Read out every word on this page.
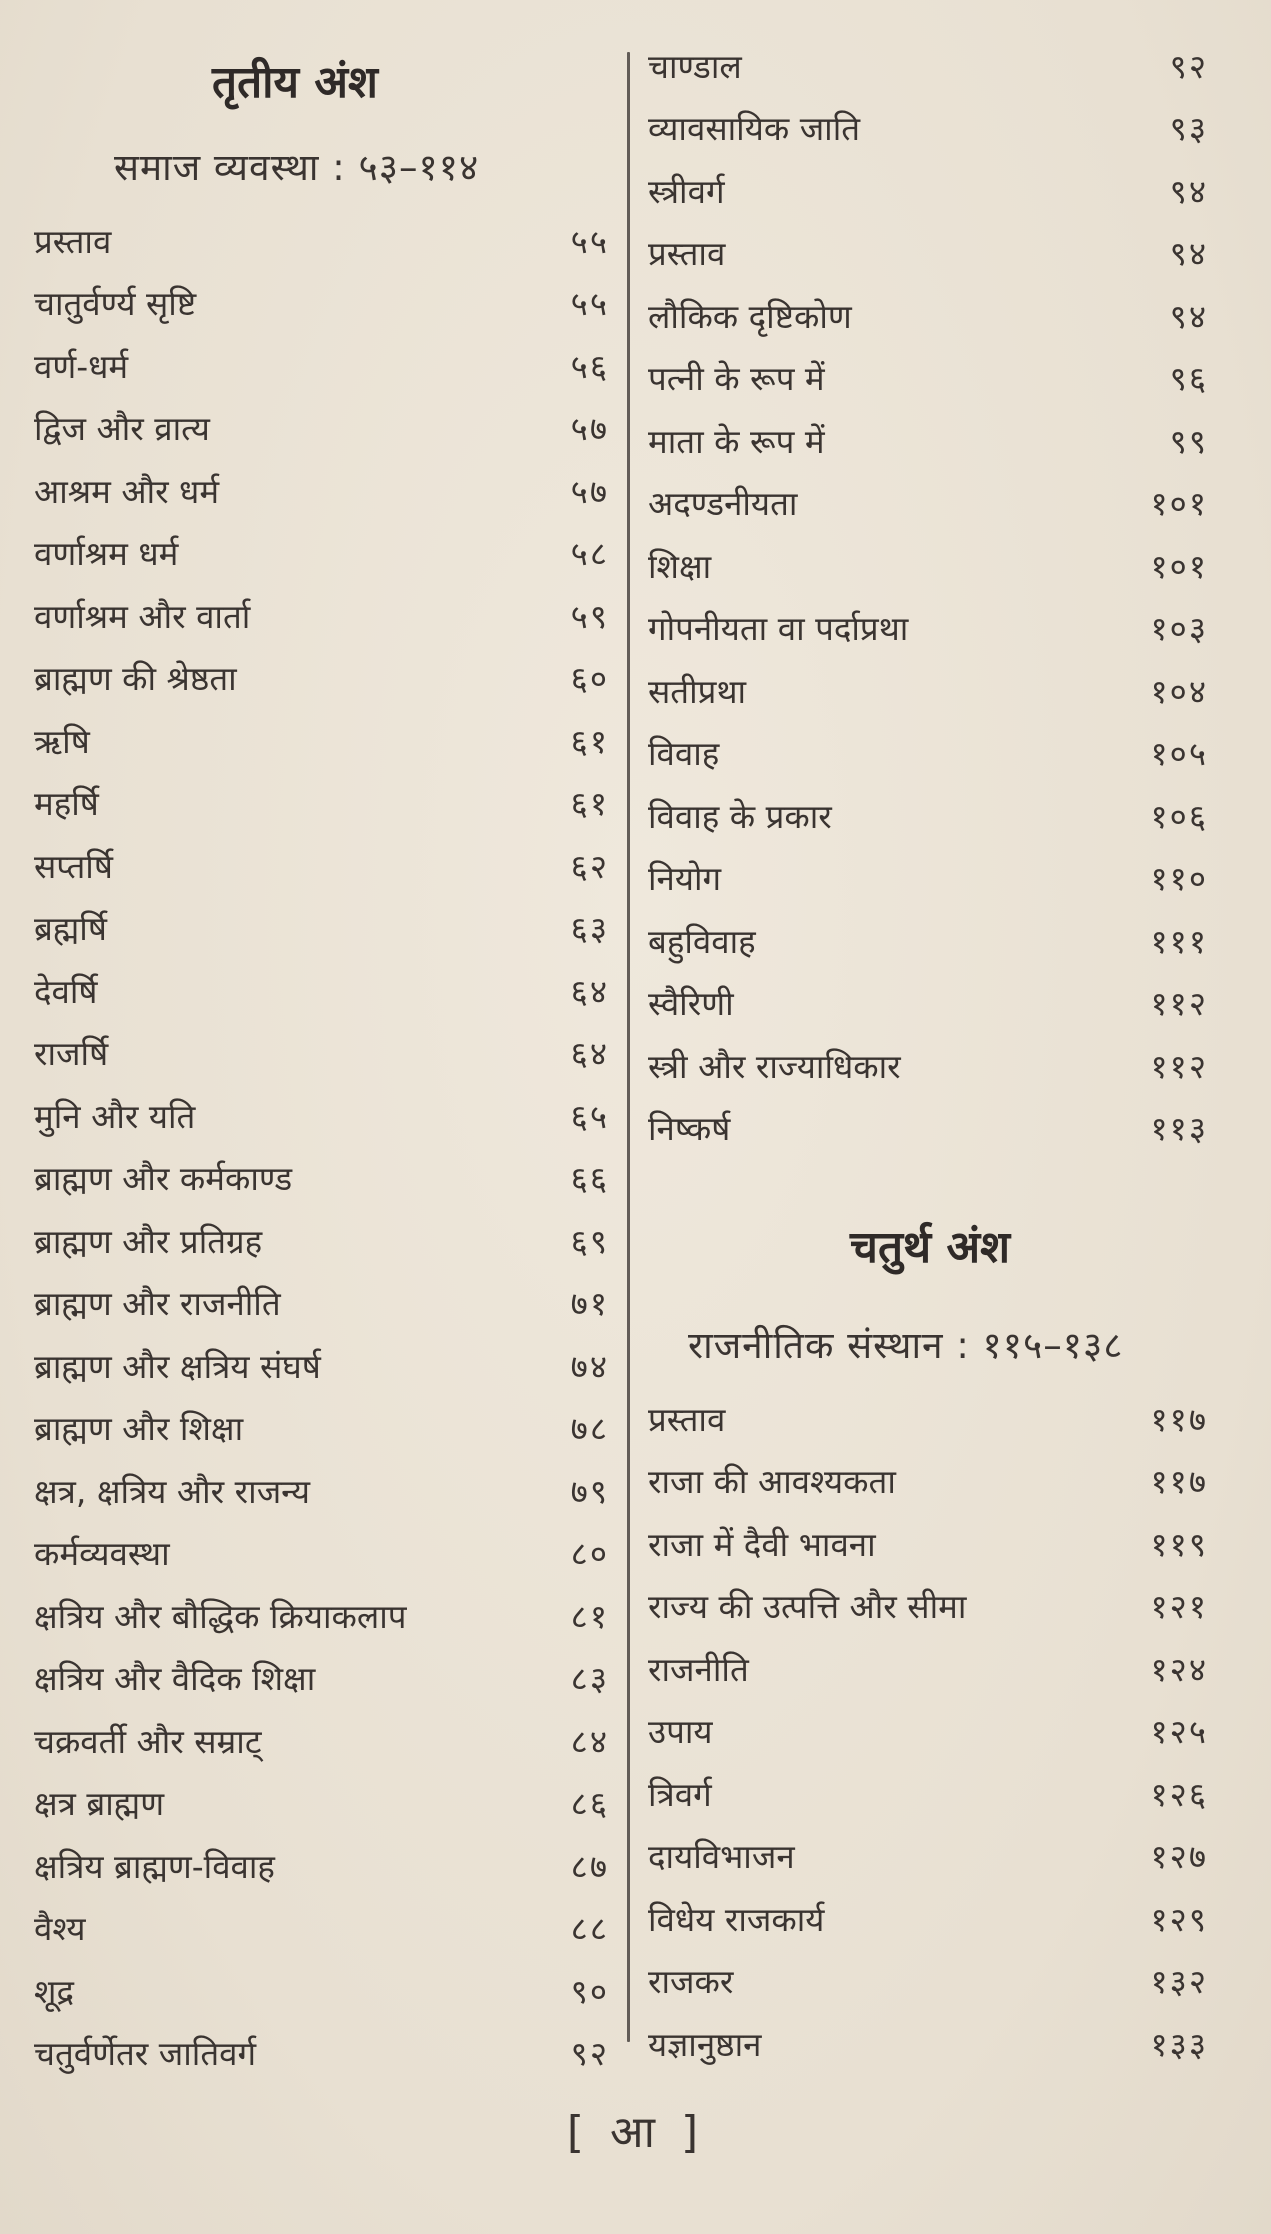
तृतीय अंश
समाज व्यवस्था : ५३–११४
प्रस्ताव	५५
चातुर्वर्ण्य सृष्टि	५५
वर्ण-धर्म	५६
द्विज और व्रात्य	५७
आश्रम और धर्म	५७
वर्णाश्रम धर्म	५८
वर्णाश्रम और वार्ता	५९
ब्राह्मण की श्रेष्ठता	६०
ऋषि	६१
महर्षि	६१
सप्तर्षि	६२
ब्रह्मर्षि	६३
देवर्षि	६४
राजर्षि	६४
मुनि और यति	६५
ब्राह्मण और कर्मकाण्ड	६६
ब्राह्मण और प्रतिग्रह	६९
ब्राह्मण और राजनीति	७१
ब्राह्मण और क्षत्रिय संघर्ष	७४
ब्राह्मण और शिक्षा	७८
क्षत्र, क्षत्रिय और राजन्य	७९
कर्मव्यवस्था	८०
क्षत्रिय और बौद्धिक क्रियाकलाप	८१
क्षत्रिय और वैदिक शिक्षा	८३
चक्रवर्ती और सम्राट्	८४
क्षत्र ब्राह्मण	८६
क्षत्रिय ब्राह्मण-विवाह	८७
वैश्य	८८
शूद्र	९०
चतुर्वर्णेतर जातिवर्ग	९२
चाण्डाल	९२
व्यावसायिक जाति	९३
स्त्रीवर्ग	९४
प्रस्ताव	९४
लौकिक दृष्टिकोण	९४
पत्नी के रूप में	९६
माता के रूप में	९९
अदण्डनीयता	१०१
शिक्षा	१०१
गोपनीयता वा पर्दाप्रथा	१०३
सतीप्रथा	१०४
विवाह	१०५
विवाह के प्रकार	१०६
नियोग	११०
बहुविवाह	१११
स्वैरिणी	११२
स्त्री और राज्याधिकार	११२
निष्कर्ष	११३
चतुर्थ अंश
राजनीतिक संस्थान : ११५–१३८
प्रस्ताव	११७
राजा की आवश्यकता	११७
राजा में दैवी भावना	११९
राज्य की उत्पत्ति और सीमा	१२१
राजनीति	१२४
उपाय	१२५
त्रिवर्ग	१२६
दायविभाजन	१२७
विधेय राजकार्य	१२९
राजकर	१३२
यज्ञानुष्ठान	१३३
[ आ ]
